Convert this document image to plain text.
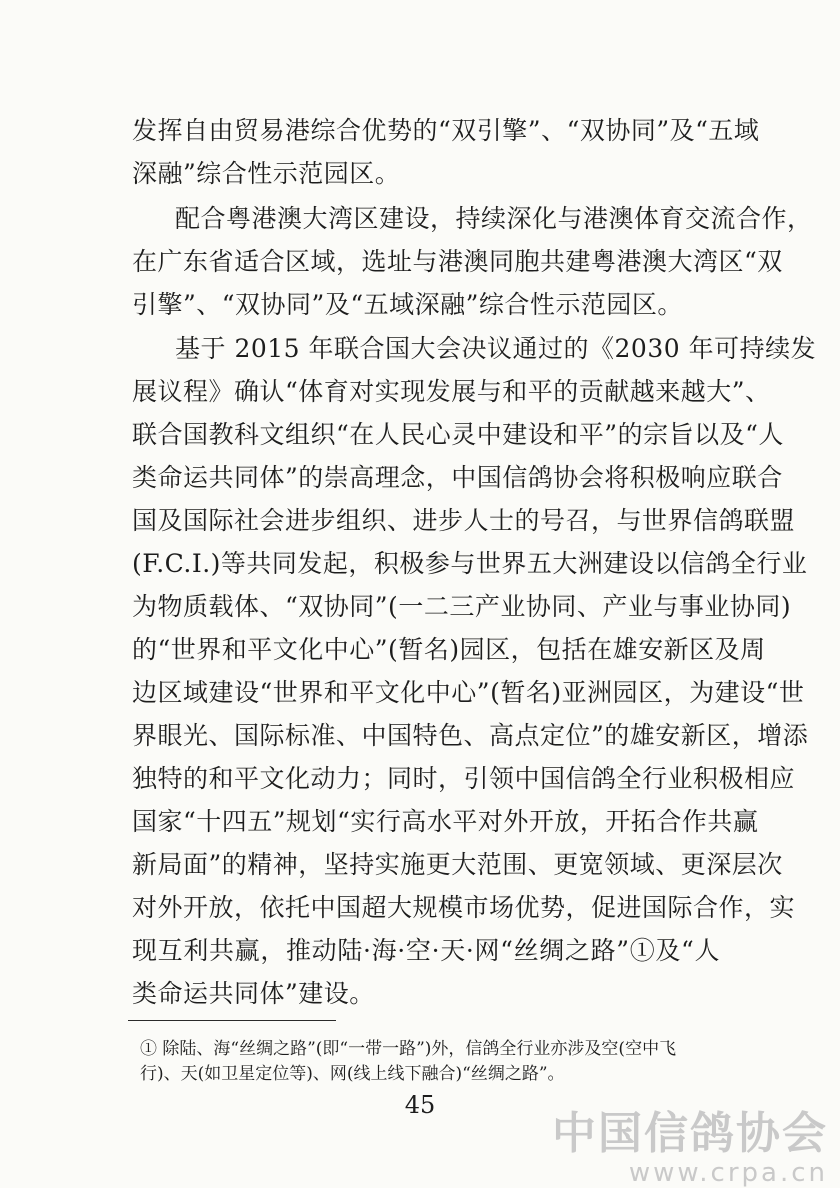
发挥自由贸易港综合优势的“双引擎”、“双协同”及“五域
深融”综合性示范园区。
配合粤港澳大湾区建设，持续深化与港澳体育交流合作，
在广东省适合区域，选址与港澳同胞共建粤港澳大湾区“双
引擎”、“双协同”及“五域深融”综合性示范园区。
基于 2015 年联合国大会决议通过的《2030 年可持续发
展议程》确认“体育对实现发展与和平的贡献越来越大”、
联合国教科文组织“在人民心灵中建设和平”的宗旨以及“人
类命运共同体”的崇高理念，中国信鸽协会将积极响应联合
国及国际社会进步组织、进步人士的号召，与世界信鸽联盟
(F.C.I.)等共同发起，积极参与世界五大洲建设以信鸽全行业
为物质载体、“双协同”(一二三产业协同、产业与事业协同)
的“世界和平文化中心”(暂名)园区，包括在雄安新区及周
边区域建设“世界和平文化中心”(暂名)亚洲园区，为建设“世
界眼光、国际标准、中国特色、高点定位”的雄安新区，增添
独特的和平文化动力；同时，引领中国信鸽全行业积极相应
国家“十四五”规划“实行高水平对外开放，开拓合作共赢
新局面”的精神，坚持实施更大范围、更宽领域、更深层次
对外开放，依托中国超大规模市场优势，促进国际合作，实
现互利共赢，推动陆·海·空·天·网“丝绸之路”①及“人
类命运共同体”建设。
① 除陆、海“丝绸之路”(即“一带一路”)外，信鸽全行业亦涉及空(空中飞
行)、天(如卫星定位等)、网(线上线下融合)“丝绸之路”。
45
中国信鸽协会
www.crpa.cn
